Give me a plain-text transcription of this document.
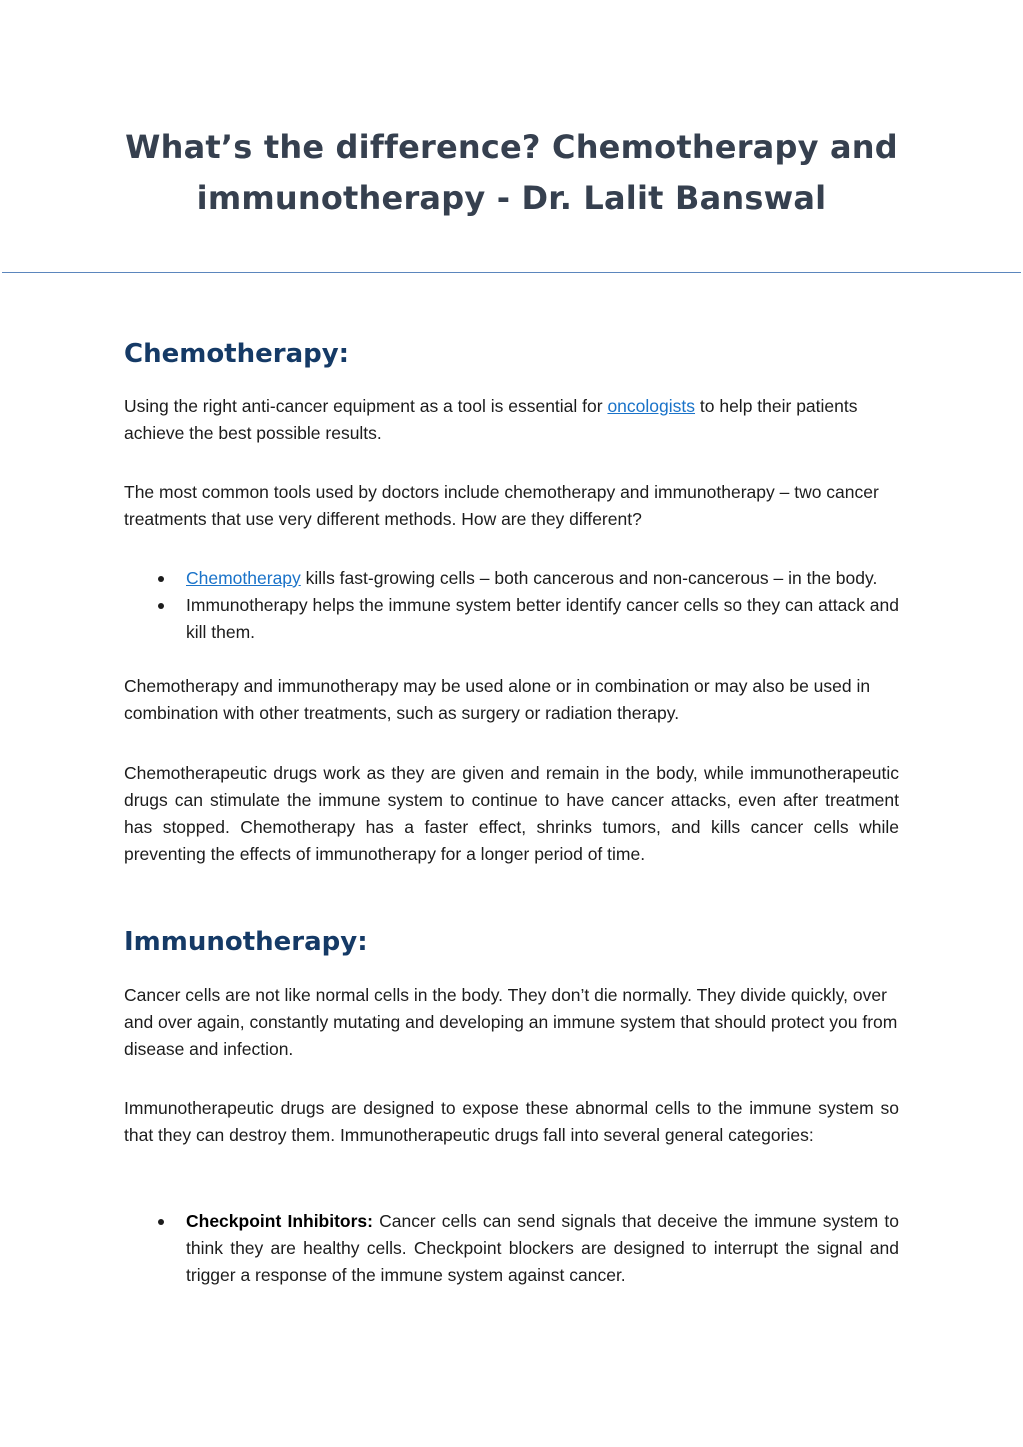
What’s the difference? Chemotherapy and
immunotherapy - Dr. Lalit Banswal
Chemotherapy:

Using the right anti-cancer equipment as a tool is essential for oncologists to help their patients achieve the best possible results.

The most common tools used by doctors include chemotherapy and immunotherapy – two cancer treatments that use very different methods. How are they different?

Chemotherapy kills fast-growing cells – both cancerous and non-cancerous – in the body.
Immunotherapy helps the immune system better identify cancer cells so they can attack and kill them.

Chemotherapy and immunotherapy may be used alone or in combination or may also be used in combination with other treatments, such as surgery or radiation therapy.

Chemotherapeutic drugs work as they are given and remain in the body, while immunotherapeutic drugs can stimulate the immune system to continue to have cancer attacks, even after treatment has stopped. Chemotherapy has a faster effect, shrinks tumors, and kills cancer cells while preventing the effects of immunotherapy for a longer period of time.

Immunotherapy:

Cancer cells are not like normal cells in the body. They don’t die normally. They divide quickly, over and over again, constantly mutating and developing an immune system that should protect you from disease and infection.

Immunotherapeutic drugs are designed to expose these abnormal cells to the immune system so that they can destroy them. Immunotherapeutic drugs fall into several general categories:

Checkpoint Inhibitors: Cancer cells can send signals that deceive the immune system to think they are healthy cells. Checkpoint blockers are designed to interrupt the signal and trigger a response of the immune system against cancer.
